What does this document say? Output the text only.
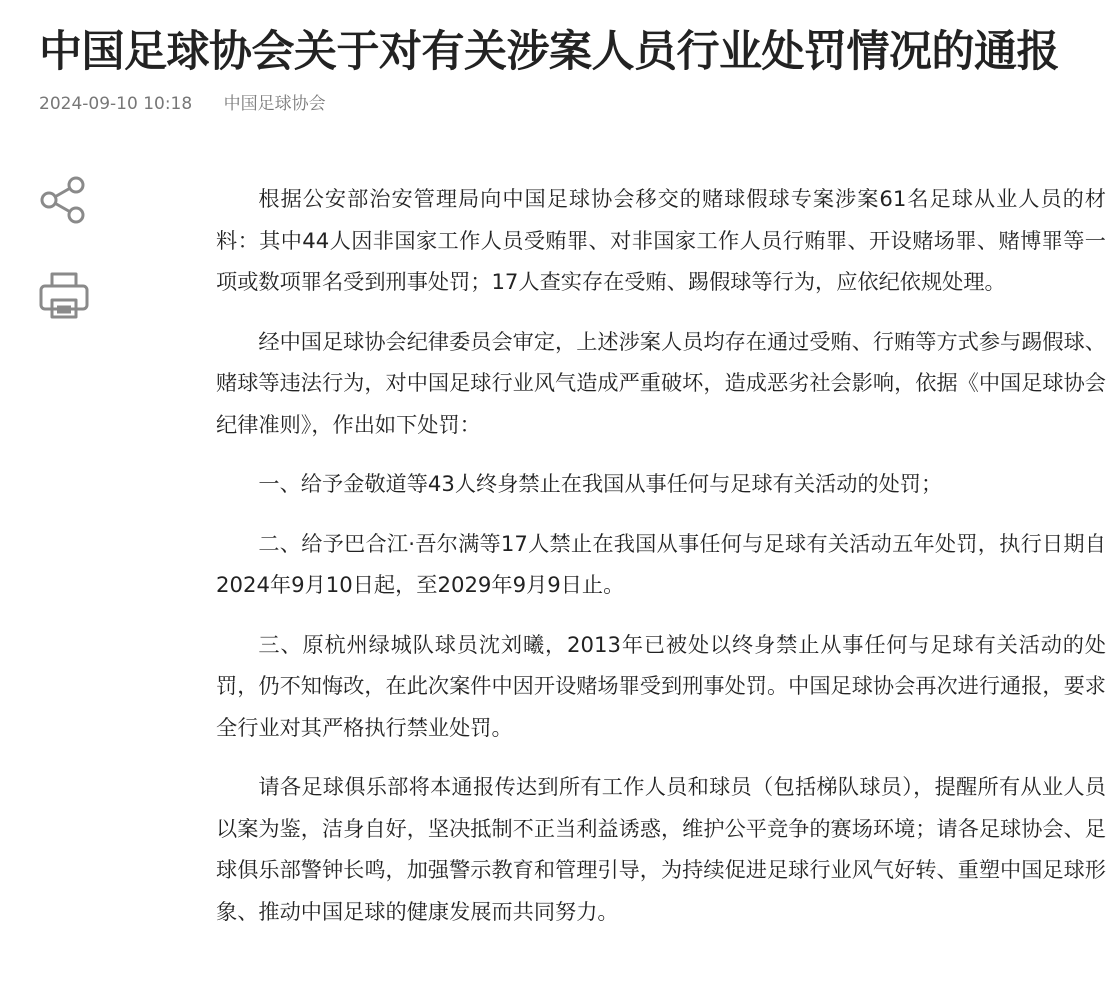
中国足球协会关于对有关涉案人员行业处罚情况的通报
2024-09-10 10:18 中国足球协会

根据公安部治安管理局向中国足球协会移交的赌球假球专案涉案61名足球从业人员的材料：其中44人因非国家工作人员受贿罪、对非国家工作人员行贿罪、开设赌场罪、赌博罪等一项或数项罪名受到刑事处罚；17人查实存在受贿、踢假球等行为，应依纪依规处理。

经中国足球协会纪律委员会审定，上述涉案人员均存在通过受贿、行贿等方式参与踢假球、赌球等违法行为，对中国足球行业风气造成严重破坏，造成恶劣社会影响，依据《中国足球协会纪律准则》，作出如下处罚：

一、给予金敬道等43人终身禁止在我国从事任何与足球有关活动的处罚；

二、给予巴合江·吾尔满等17人禁止在我国从事任何与足球有关活动五年处罚，执行日期自2024年9月10日起，至2029年9月9日止。

三、原杭州绿城队球员沈刘曦，2013年已被处以终身禁止从事任何与足球有关活动的处罚，仍不知悔改，在此次案件中因开设赌场罪受到刑事处罚。中国足球协会再次进行通报，要求全行业对其严格执行禁业处罚。

请各足球俱乐部将本通报传达到所有工作人员和球员（包括梯队球员），提醒所有从业人员以案为鉴，洁身自好，坚决抵制不正当利益诱惑，维护公平竞争的赛场环境；请各足球协会、足球俱乐部警钟长鸣，加强警示教育和管理引导，为持续促进足球行业风气好转、重塑中国足球形象、推动中国足球的健康发展而共同努力。
